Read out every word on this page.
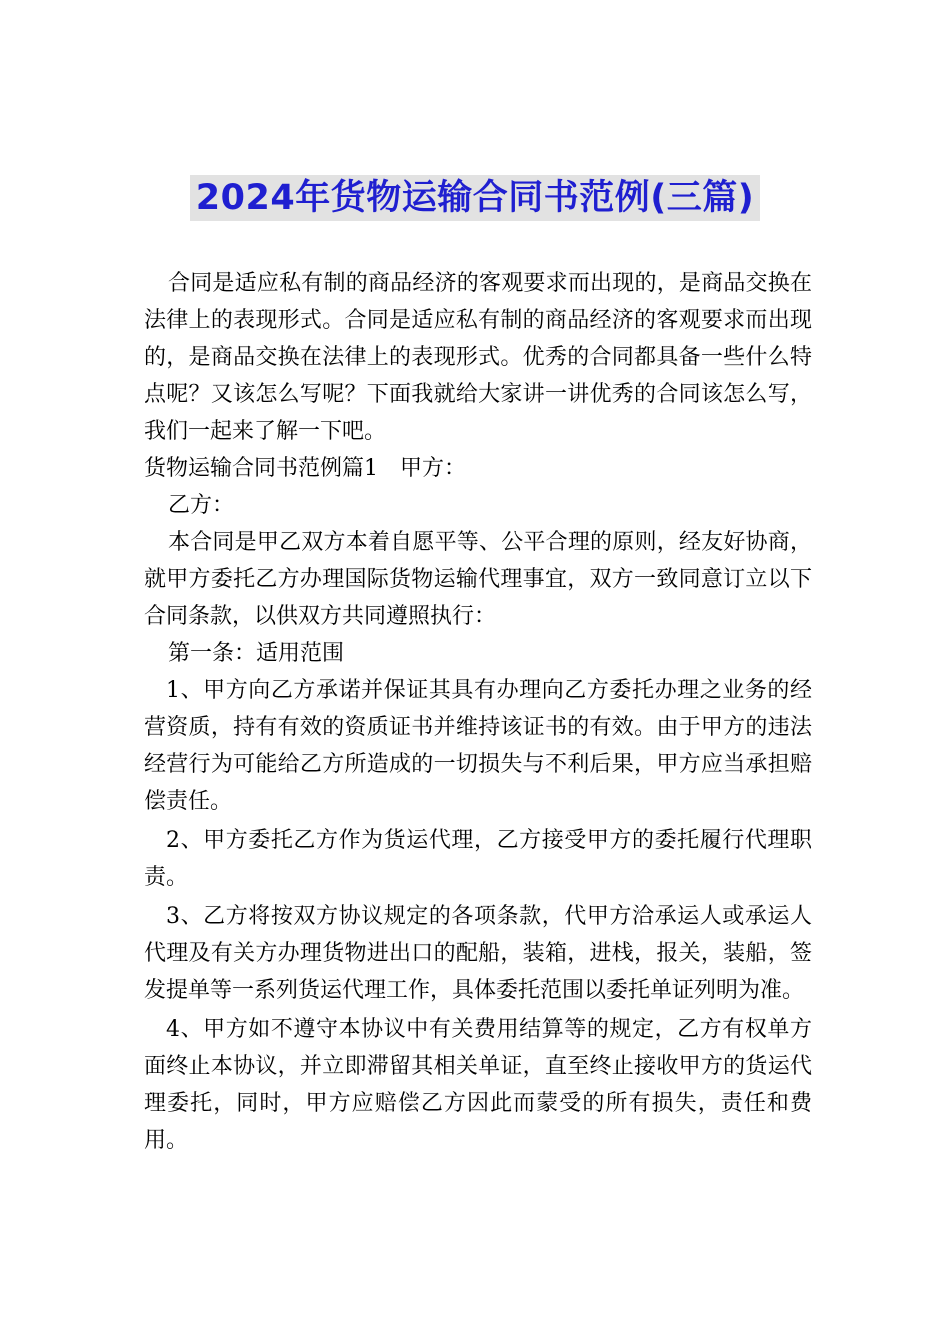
2024年货物运输合同书范例(三篇)

合同是适应私有制的商品经济的客观要求而出现的，是商品交换在法律上的表现形式。合同是适应私有制的商品经济的客观要求而出现的，是商品交换在法律上的表现形式。优秀的合同都具备一些什么特点呢？又该怎么写呢？下面我就给大家讲一讲优秀的合同该怎么写，我们一起来了解一下吧。

货物运输合同书范例篇1　甲方：

乙方：

本合同是甲乙双方本着自愿平等、公平合理的原则，经友好协商，就甲方委托乙方办理国际货物运输代理事宜，双方一致同意订立以下合同条款，以供双方共同遵照执行：

第一条：适用范围

1、甲方向乙方承诺并保证其具有办理向乙方委托办理之业务的经营资质，持有有效的资质证书并维持该证书的有效。由于甲方的违法经营行为可能给乙方所造成的一切损失与不利后果，甲方应当承担赔偿责任。

2、甲方委托乙方作为货运代理，乙方接受甲方的委托履行代理职责。

3、乙方将按双方协议规定的各项条款，代甲方洽承运人或承运人代理及有关方办理货物进出口的配船，装箱，进栈，报关，装船，签发提单等一系列货运代理工作，具体委托范围以委托单证列明为准。

4、甲方如不遵守本协议中有关费用结算等的规定，乙方有权单方面终止本协议，并立即滞留其相关单证，直至终止接收甲方的货运代理委托，同时，甲方应赔偿乙方因此而蒙受的所有损失，责任和费用。
